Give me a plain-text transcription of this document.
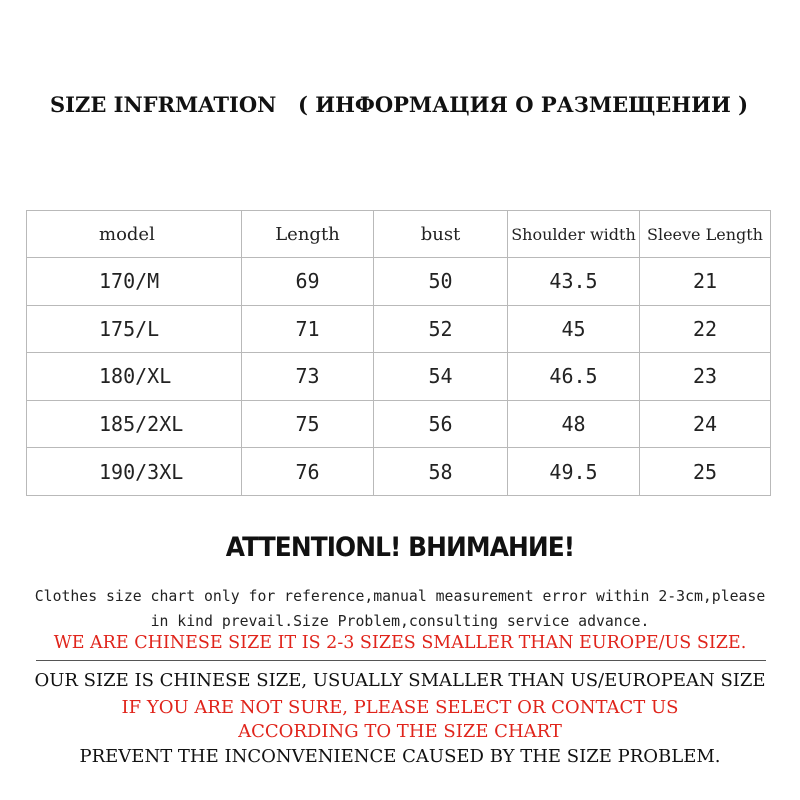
SIZE INFRMATION ( ИНФОРМАЦИЯ О РАЗМЕЩЕНИИ )
model	Length	bust	Shoulder width	Sleeve Length
170/M	69	50	43.5	21
175/L	71	52	45	22
180/XL	73	54	46.5	23
185/2XL	75	56	48	24
190/3XL	76	58	49.5	25
ATTENTIONL! ВНИМАНИЕ!
Clothes size chart only for reference,manual measurement error within 2-3cm,please in kind prevail.Size Problem,consulting service advance.
WE ARE CHINESE SIZE IT IS 2-3 SIZES SMALLER THAN EUROPE/US SIZE.
OUR SIZE IS CHINESE SIZE, USUALLY SMALLER THAN US/EUROPEAN SIZE
IF YOU ARE NOT SURE, PLEASE SELECT OR CONTACT US
ACCORDING TO THE SIZE CHART
PREVENT THE INCONVENIENCE CAUSED BY THE SIZE PROBLEM.
